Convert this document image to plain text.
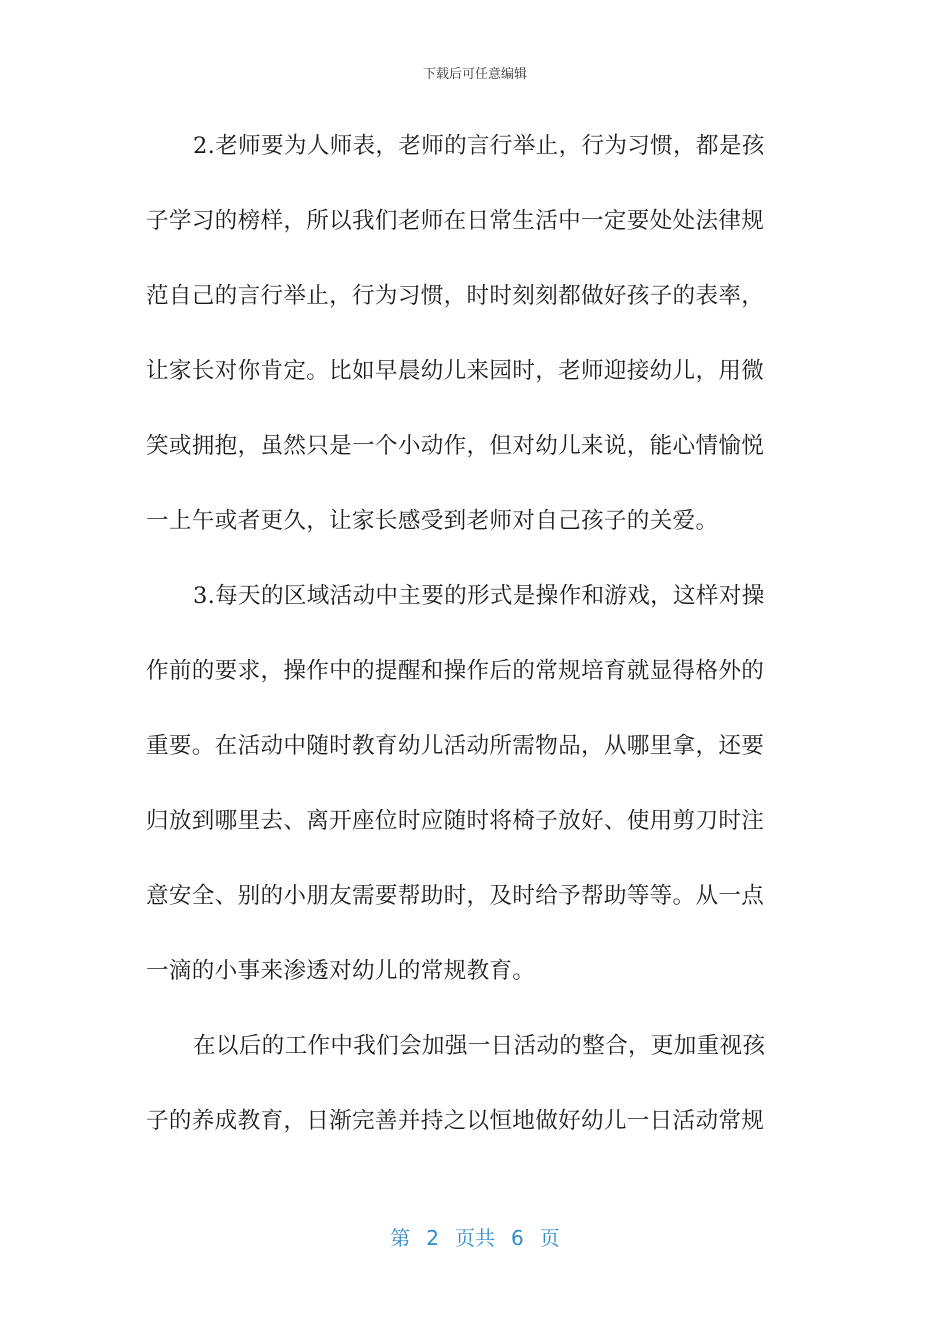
下载后可任意编辑
2.老师要为人师表，老师的言行举止，行为习惯，都是孩
子学习的榜样，所以我们老师在日常生活中一定要处处法律规
范自己的言行举止，行为习惯，时时刻刻都做好孩子的表率，
让家长对你肯定。比如早晨幼儿来园时，老师迎接幼儿，用微
笑或拥抱，虽然只是一个小动作，但对幼儿来说，能心情愉悦
一上午或者更久，让家长感受到老师对自己孩子的关爱。
3.每天的区域活动中主要的形式是操作和游戏，这样对操
作前的要求，操作中的提醒和操作后的常规培育就显得格外的
重要。在活动中随时教育幼儿活动所需物品，从哪里拿，还要
归放到哪里去、离开座位时应随时将椅子放好、使用剪刀时注
意安全、别的小朋友需要帮助时，及时给予帮助等等。从一点
一滴的小事来渗透对幼儿的常规教育。
在以后的工作中我们会加强一日活动的整合，更加重视孩
子的养成教育，日渐完善并持之以恒地做好幼儿一日活动常规
第 2 页共 6 页
